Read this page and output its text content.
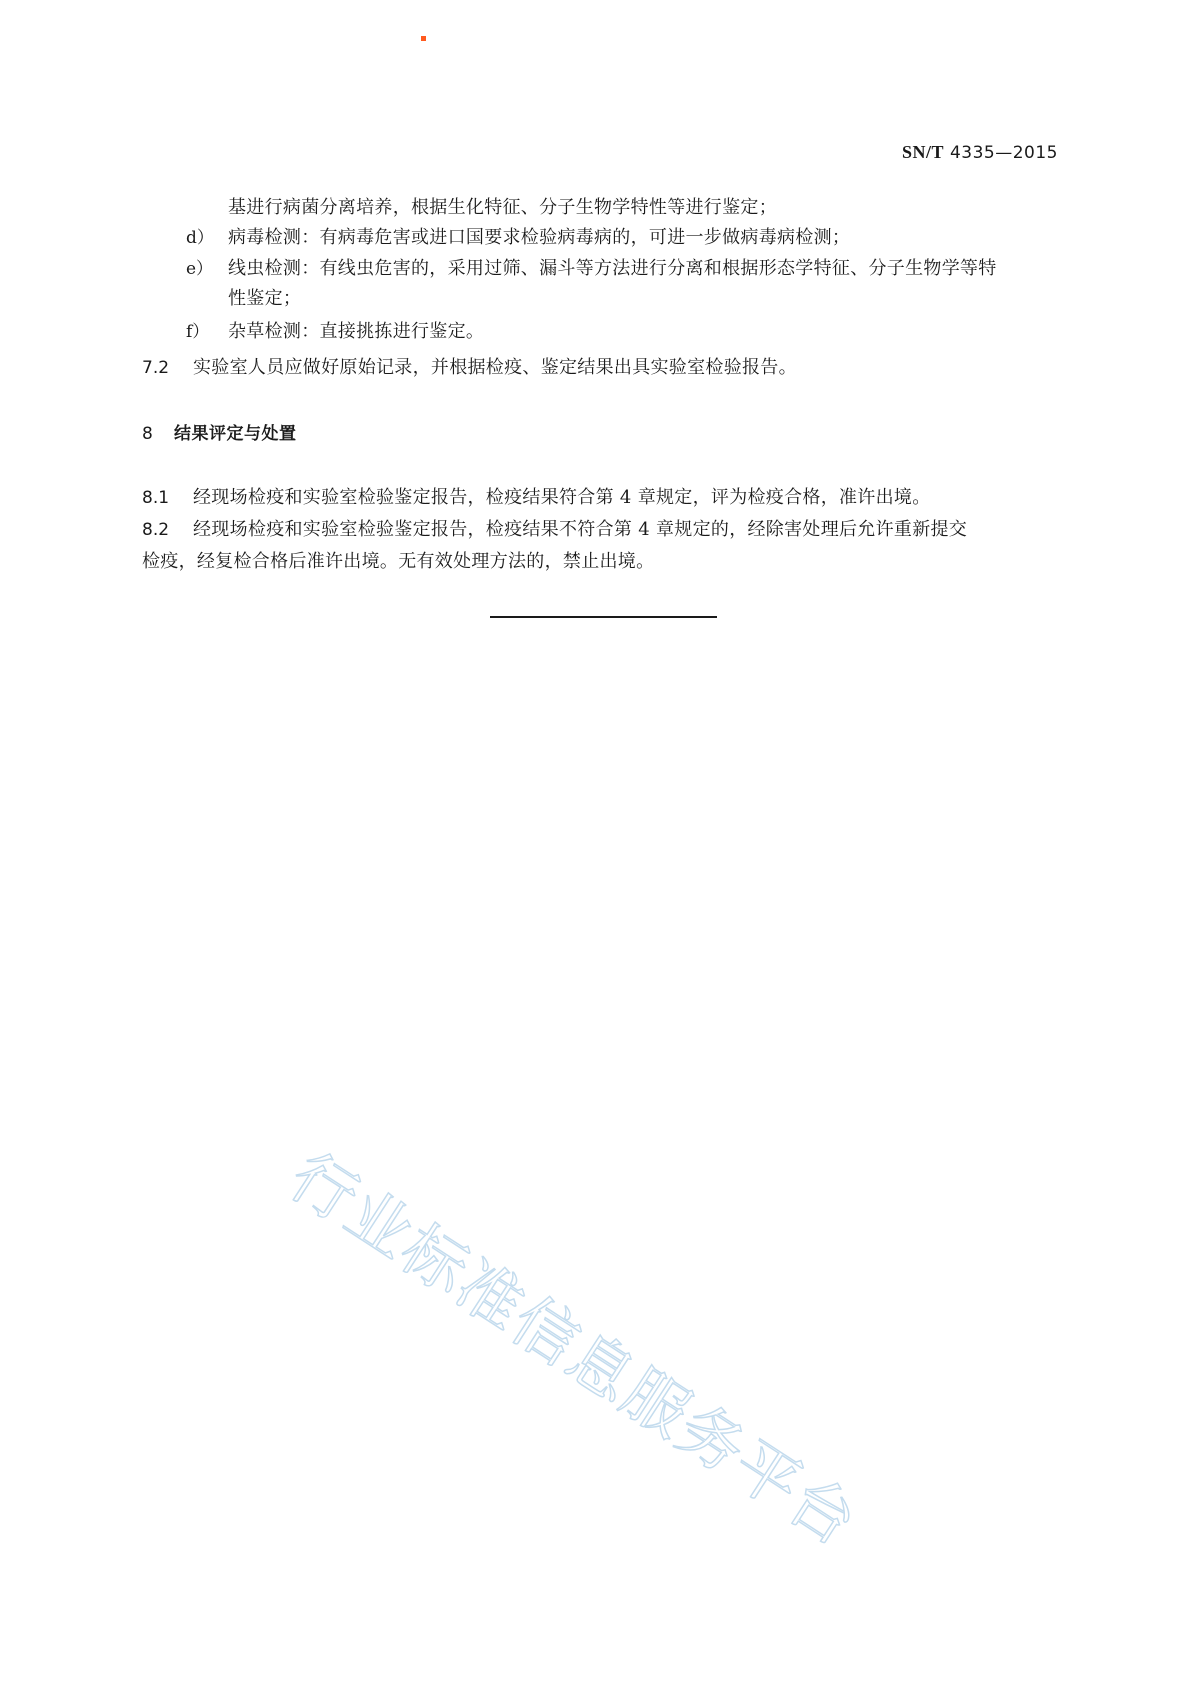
SN/T 4335—2015
基进行病菌分离培养，根据生化特征、分子生物学特性等进行鉴定；
d） 病毒检测：有病毒危害或进口国要求检验病毒病的，可进一步做病毒病检测；
e） 线虫检测：有线虫危害的，采用过筛、漏斗等方法进行分离和根据形态学特征、分子生物学等特
性鉴定；
f） 杂草检测：直接挑拣进行鉴定。
7.2 实验室人员应做好原始记录，并根据检疫、鉴定结果出具实验室检验报告。
8 结果评定与处置
8.1 经现场检疫和实验室检验鉴定报告，检疫结果符合第 4 章规定，评为检疫合格，准许出境。
8.2 经现场检疫和实验室检验鉴定报告，检疫结果不符合第 4 章规定的，经除害处理后允许重新提交
检疫，经复检合格后准许出境。无有效处理方法的，禁止出境。
行业标准信息服务平台
